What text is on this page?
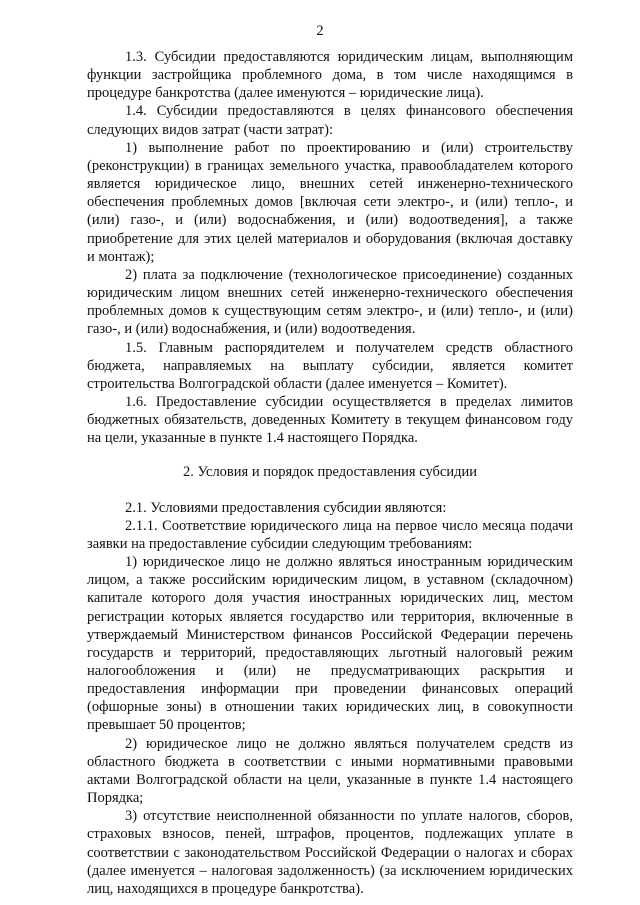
2

1.3. Субсидии предоставляются юридическим лицам, выполняющим функции застройщика проблемного дома, в том числе находящимся в процедуре банкротства (далее именуются – юридические лица).

1.4. Субсидии предоставляются в целях финансового обеспечения следующих видов затрат (части затрат):

1) выполнение работ по проектированию и (или) строительству (реконструкции) в границах земельного участка, правообладателем которого является юридическое лицо, внешних сетей инженерно-технического обеспечения проблемных домов [включая сети электро-, и (или) тепло-, и (или) газо-, и (или) водоснабжения, и (или) водоотведения], а также приобретение для этих целей материалов и оборудования (включая доставку и монтаж);

2) плата за подключение (технологическое присоединение) созданных юридическим лицом внешних сетей инженерно-технического обеспечения проблемных домов к существующим сетям электро-, и (или) тепло-, и (или) газо-, и (или) водоснабжения, и (или) водоотведения.

1.5. Главным распорядителем и получателем средств областного бюджета, направляемых на выплату субсидии, является комитет строительства Волгоградской области (далее именуется – Комитет).

1.6. Предоставление субсидии осуществляется в пределах лимитов бюджетных обязательств, доведенных Комитету в текущем финансовом году на цели, указанные в пункте 1.4 настоящего Порядка.

2. Условия и порядок предоставления субсидии

2.1. Условиями предоставления субсидии являются:

2.1.1. Соответствие юридического лица на первое число месяца подачи заявки на предоставление субсидии следующим требованиям:

1) юридическое лицо не должно являться иностранным юридическим лицом, а также российским юридическим лицом, в уставном (складочном) капитале которого доля участия иностранных юридических лиц, местом регистрации которых является государство или территория, включенные в утверждаемый Министерством финансов Российской Федерации перечень государств и территорий, предоставляющих льготный налоговый режим налогообложения и (или) не предусматривающих раскрытия и предоставления информации при проведении финансовых операций (офшорные зоны) в отношении таких юридических лиц, в совокупности превышает 50 процентов;

2) юридическое лицо не должно являться получателем средств из областного бюджета в соответствии с иными нормативными правовыми актами Волгоградской области на цели, указанные в пункте 1.4 настоящего Порядка;

3) отсутствие неисполненной обязанности по уплате налогов, сборов, страховых взносов, пеней, штрафов, процентов, подлежащих уплате в соответствии с законодательством Российской Федерации о налогах и сборах (далее именуется – налоговая задолженность) (за исключением юридических лиц, находящихся в процедуре банкротства).
